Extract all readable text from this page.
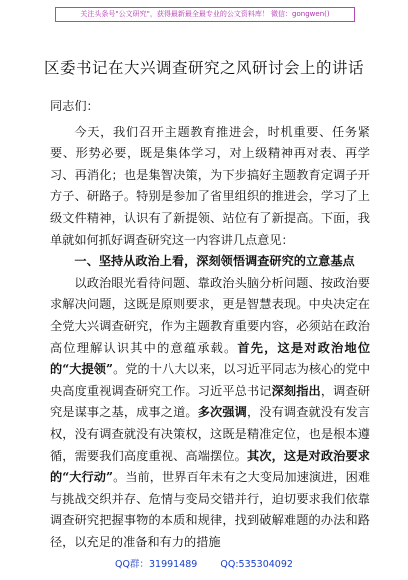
关注头条号"公文研究"，获得最新最全最专业的公文资料库！ 微信：gongwen()
区委书记在大兴调查研究之风研讨会上的讲话

同志们：

今天，我们召开主题教育推进会，时机重要、任务紧要、形势必要，既是集体学习，对上级精神再对表、再学习、再消化；也是集智决策，为下步搞好主题教育定调子开方子、研路子。特别是参加了省里组织的推进会，学习了上级文件精神，认识有了新提领、站位有了新提高。下面，我单就如何抓好调查研究这一内容讲几点意见：

一、坚持从政治上看，深刻领悟调查研究的立意基点

以政治眼光看待问题、靠政治头脑分析问题、按政治要求解决问题，这既是原则要求，更是智慧表现。中央决定在全党大兴调查研究，作为主题教育重要内容，必须站在政治高位理解认识其中的意蕴承载。首先，这是对政治地位的“大提领”。党的十八大以来，以习近平同志为核心的党中央高度重视调查研究工作。习近平总书记深刻指出，调查研究是谋事之基，成事之道。多次强调，没有调查就没有发言权，没有调查就没有决策权，这既是精准定位，也是根本遵循，需要我们高度重视、高端摆位。其次，这是对政治要求的“大行动”。当前，世界百年未有之大变局加速演进，困难与挑战交织并存、危情与变局交错并行，迫切要求我们依靠调查研究把握事物的本质和规律，找到破解难题的办法和路径，以充足的准备和有力的措施

QQ群：31991489 QQ:535304092
